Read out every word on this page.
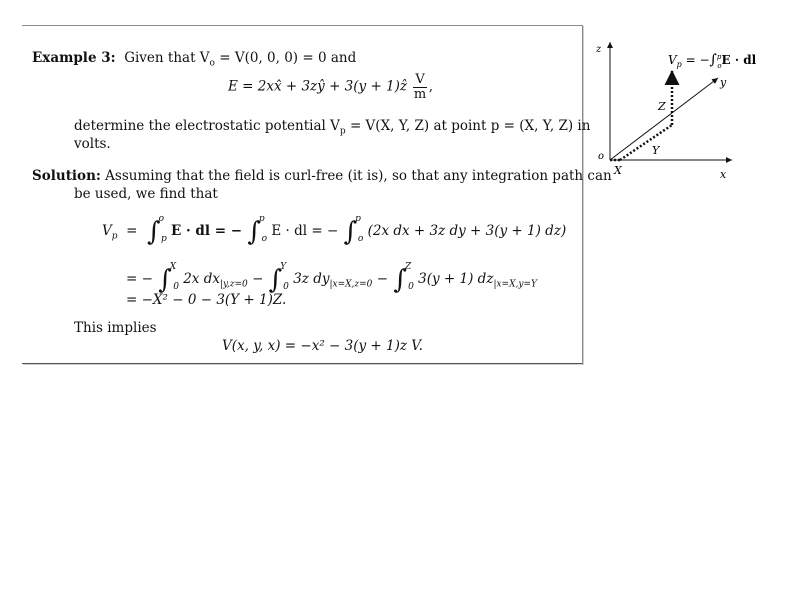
Example 3: Given that $V_o = V(0$, 0, 0) = 0 and
E = 2xx̂ + 3zŷ + 3(y + 1)ẑ $\frac{V}{m}$ ,
determine the electrostatic potential $V_p = V(X$, Y, Z) at point p = (X, Y, Z) in
volts.
Solution: Assuming that the field is curl-free (it is), so that any integration path can
be used, we find that
$V_p = \int^o_p$ E · dl = − ∫$^p_o$ E · dl = − ∫$^p_o$ (2x dx + 3z dy + 3(y + 1) dz)
= − ∫$^X_0$ 2x $dx_{|y,z=0} - \int^Y_0$ 3z $dy_{|x=X,z=0} - \int^Z_0$ 3(y + 1) $dz_{|x=X,y=Y}$
= −X² − 0 − 3(Y + 1)Z.
This implies
V(x, y, x) = −x² − 3(y + 1)z V.
z
y
x
o
X
Y
Z
$V_p = -\int^p$ oE · dl
